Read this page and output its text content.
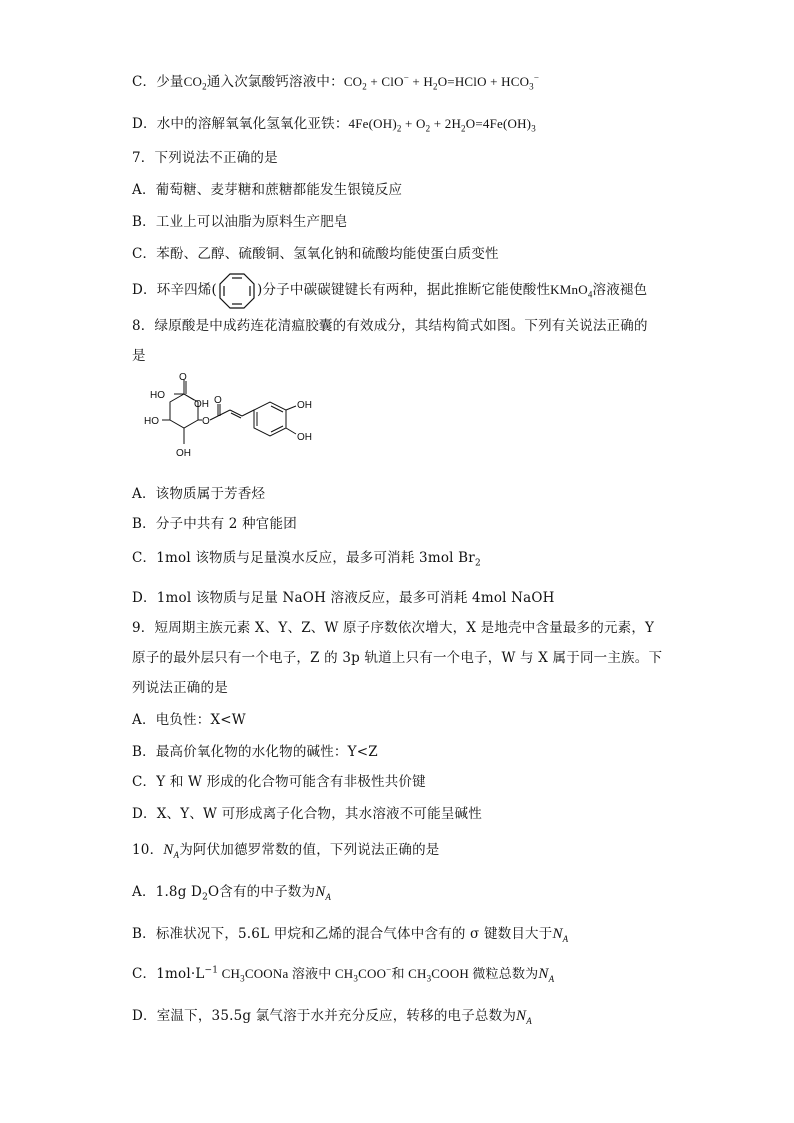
C．少量$CO_2$通入次氯酸钙溶液中：$CO_2 + ClO^-$ + $H_2O=HClO + HCO_3^-$
D．水中的溶解氧氧化氢氧化亚铁：$4Fe(OH)_2 + O_2 + 2H_2O=4Fe(OH)_3$
7．下列说法不正确的是
A．葡萄糖、麦芽糖和蔗糖都能发生银镜反应
B．工业上可以油脂为原料生产肥皂
C．苯酚、乙醇、硫酸铜、氢氧化钠和硫酸均能使蛋白质变性
D．环辛四烯(	)分子中碳碳键键长有两种，据此推断它能使酸性KMnO$_4$溶液褪色
8．绿原酸是中成药连花清瘟胶囊的有效成分，其结构简式如图。下列有关说法正确的
是
O
HO
OH
HO	O
O
OH
OH
OH
A．该物质属于芳香烃
B．分子中共有 2 种官能团
C．1mol 该物质与足量溴水反应，最多可消耗 3mol $Br_2$
D．1mol 该物质与足量 NaOH 溶液反应，最多可消耗 4mol NaOH
9．短周期主族元素 X、Y、Z、W 原子序数依次增大，X 是地壳中含量最多的元素，Y
原子的最外层只有一个电子，Z 的 3p 轨道上只有一个电子，W 与 X 属于同一主族。下
列说法正确的是
A．电负性：X<W
B．最高价氧化物的水化物的碱性：Y<Z
C．Y 和 W 形成的化合物可能含有非极性共价键
D．X、Y、W 可形成离子化合物，其水溶液不可能呈碱性
10．$N_A$为阿伏加德罗常数的值，下列说法正确的是
A．1.8g $D_2O$含有的中子数为$N_A$
B．标准状况下，5.6L 甲烷和乙烯的混合气体中含有的 σ 键数目大于$N_A$
C．$1mol\cdot L^{-1}$ $CH_3COONa$ 溶液中 $CH_3COO^-$和 $CH_3COOH$ 微粒总数为$N_A$
D．室温下，35.5g 氯气溶于水并充分反应，转移的电子总数为$N_A$
